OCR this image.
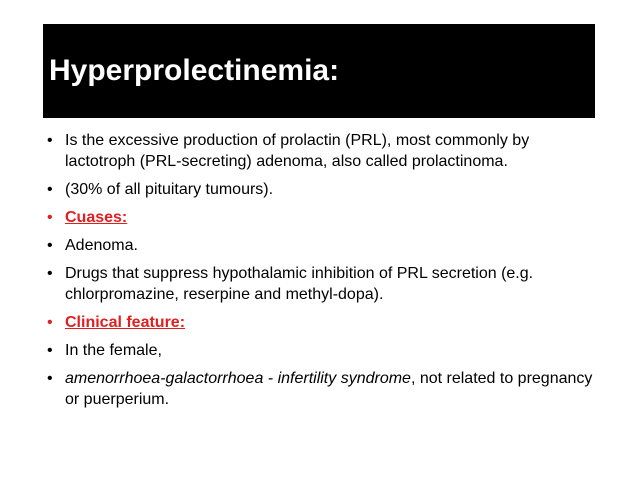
Hyperprolectinemia:
• Is the excessive production of prolactin (PRL), most commonly by lactotroph (PRL-secreting) adenoma, also called prolactinoma.
• (30% of all pituitary tumours).
• Cuases:
• Adenoma.
• Drugs that suppress hypothalamic inhibition of PRL secretion (e.g. chlorpromazine, reserpine and methyl-dopa).
• Clinical feature:
• In the female,
• amenorrhoea-galactorrhoea - infertility syndrome, not related to pregnancy or puerperium.
